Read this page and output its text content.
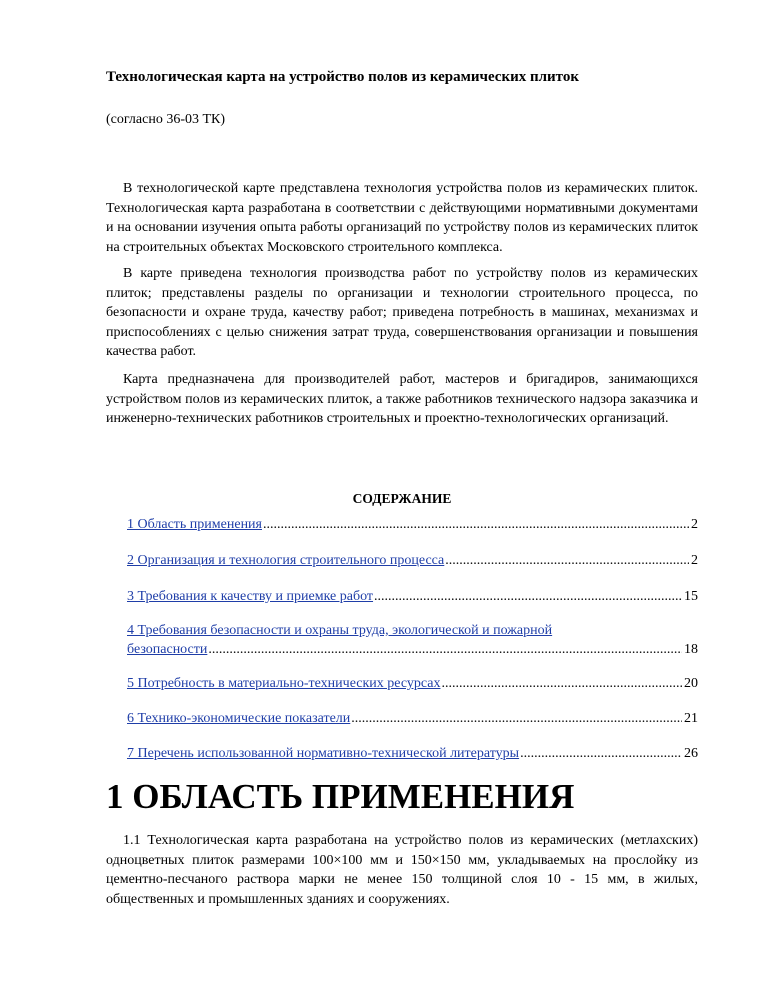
Технологическая карта на устройство полов из керамических плиток

(согласно 36-03 ТК)

В технологической карте представлена технология устройства полов из керамических плиток. Технологическая карта разработана в соответствии с действующими нормативными документами и на основании изучения опыта работы организаций по устройству полов из керамических плиток на строительных объектах Московского строительного комплекса.

В карте приведена технология производства работ по устройству полов из керамических плиток; представлены разделы по организации и технологии строительного процесса, по безопасности и охране труда, качеству работ; приведена потребность в машинах, механизмах и приспособлениях с целью снижения затрат труда, совершенствования организации и повышения качества работ.

Карта предназначена для производителей работ, мастеров и бригадиров, занимающихся устройством полов из керамических плиток, а также работников технического надзора заказчика и инженерно-технических работников строительных и проектно-технологических организаций.

СОДЕРЖАНИЕ
1 Область применения .....	2
2 Организация и технология строительного процесса .....	2
3 Требования к качеству и приемке работ .....	15
4 Требования безопасности и охраны труда, экологической и пожарной
безопасности .....	18
5 Потребность в материально-технических ресурсах .....	20
6 Технико-экономические показатели .....	21
7 Перечень использованной нормативно-технической литературы .....	26
1 ОБЛАСТЬ ПРИМЕНЕНИЯ

1.1 Технологическая карта разработана на устройство полов из керамических (метлахских) одноцветных плиток размерами 100×100 мм и 150×150 мм, укладываемых на прослойку из цементно-песчаного раствора марки не менее 150 толщиной слоя 10 - 15 мм, в жилых, общественных и промышленных зданиях и сооружениях.
